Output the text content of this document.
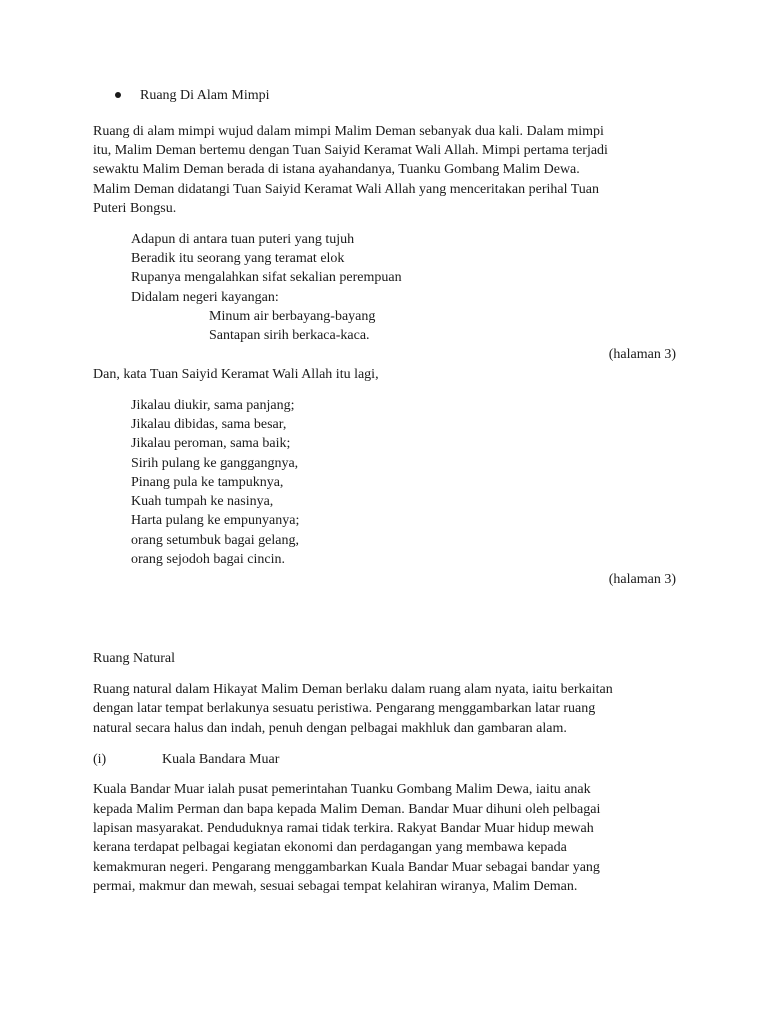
Ruang Di Alam Mimpi
Ruang di alam mimpi wujud dalam mimpi Malim Deman sebanyak dua kali. Dalam mimpi
itu, Malim Deman bertemu dengan Tuan Saiyid Keramat Wali Allah. Mimpi pertama terjadi
sewaktu Malim Deman berada di istana ayahandanya, Tuanku Gombang Malim Dewa.
Malim Deman didatangi Tuan Saiyid Keramat Wali Allah yang menceritakan perihal Tuan
Puteri Bongsu.
Adapun di antara tuan puteri yang tujuh
Beradik itu seorang yang teramat elok
Rupanya mengalahkan sifat sekalian perempuan
Didalam negeri kayangan:
Minum air berbayang-bayang
Santapan sirih berkaca-kaca.
(halaman 3)
Dan, kata Tuan Saiyid Keramat Wali Allah itu lagi,
Jikalau diukir, sama panjang;
Jikalau dibidas, sama besar,
Jikalau peroman, sama baik;
Sirih pulang ke ganggangnya,
Pinang pula ke tampuknya,
Kuah tumpah ke nasinya,
Harta pulang ke empunyanya;
orang setumbuk bagai gelang,
orang sejodoh bagai cincin.
(halaman 3)
Ruang Natural
Ruang natural dalam Hikayat Malim Deman berlaku dalam ruang alam nyata, iaitu berkaitan
dengan latar tempat berlakunya sesuatu peristiwa. Pengarang menggambarkan latar ruang
natural secara halus dan indah, penuh dengan pelbagai makhluk dan gambaran alam.
(i)	Kuala Bandara Muar
Kuala Bandar Muar ialah pusat pemerintahan Tuanku Gombang Malim Dewa, iaitu anak
kepada Malim Perman dan bapa kepada Malim Deman. Bandar Muar dihuni oleh pelbagai
lapisan masyarakat. Penduduknya ramai tidak terkira. Rakyat Bandar Muar hidup mewah
kerana terdapat pelbagai kegiatan ekonomi dan perdagangan yang membawa kepada
kemakmuran negeri. Pengarang menggambarkan Kuala Bandar Muar sebagai bandar yang
permai, makmur dan mewah, sesuai sebagai tempat kelahiran wiranya, Malim Deman.
